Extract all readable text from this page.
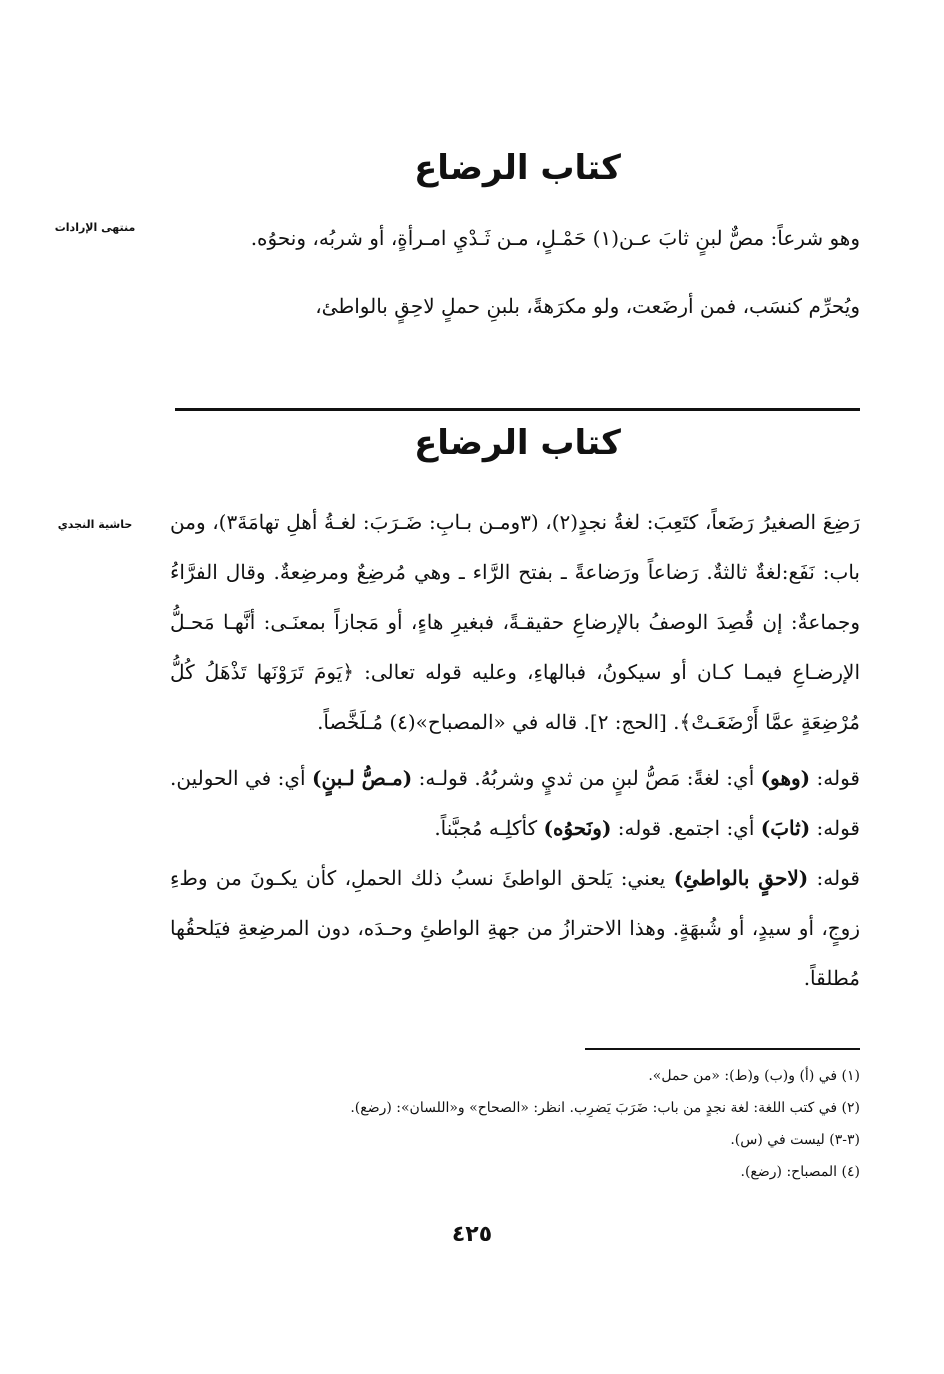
كتاب الرضاع
منتهى الإرادات	وهو شرعاً: مصٌّ لبنٍ ثابَ عـن(١) حَمْـلٍ، مـن ثَـدْيِ امـرأةٍ، أو شربُه، ونحوُه.
ويُحرِّم كنسَب، فمن أرضَعت، ولو مكرَهةً، بلبنِ حملٍ لاحِقٍ بالواطئ،
كتاب الرضاع
حاشية النجدي	رَضِعَ الصغيرُ رَضَعاً، كتَعِبَ: لغةُ نجدٍ(٢)، (٣ومـن بـابِ: ضَـرَبَ: لغـةُ أهلِ تهامَةَ٣)، ومن باب: نَفَع:لغةٌ ثالثةٌ. رَضاعاً ورَضاعةً ـ بفتح الرَّاء ـ وهي مُرضِعٌ ومرضِعةٌ. وقال الفرَّاءُ وجماعةٌ: إن قُصِدَ الوصفُ بالإرضاعِ حقيقـةً، فبغيرِ هاءٍ، أو مَجازاً بمعنَـى: أنَّهـا مَحـلُّ الإرضـاعِ فيمـا كـان أو سيكونُ، فبالهاءِ، وعليه قوله تعالى: ﴿يَومَ تَرَوْنَها تَذْهَلُ كُلُّ مُرْضِعَةٍ عمَّا أَرْضَعَـتْ﴾. [الحج: ٢]. قاله في «المصباح»(٤) مُـلَخَّصاً.
قوله: (وهو) أي: لغةً: مَصُّ لبنٍ من ثديٍ وشربُهُ. قولـه: (مـصُّ لـبنٍ) أي: في الحولين. قوله: (ثابَ) أي: اجتمع. قوله: (ونَحوُه) كأكلِـه مُجبَّناً.
قوله: (لاحقٍ بالواطئِ) يعني: يَلحق الواطئَ نسبُ ذلك الحملِ، كأن يكـونَ من وطءِ زوجٍ، أو سيدٍ، أو شُبهَةٍ. وهذا الاحترازُ من جهةِ الواطئِ وحـدَه، دون المرضِعةِ فيَلحقُها مُطلقاً.
(١) في (أ) و(ب) و(ط): «من حمل».
(٢) في كتب اللغة: لغة نجدٍ من باب: ضَرَبَ يَضرِب. انظر: «الصحاح» و«اللسان»: (رضع).
(٣-٣) ليست في (س).
(٤) المصباح: (رضع).
٤٢٥
